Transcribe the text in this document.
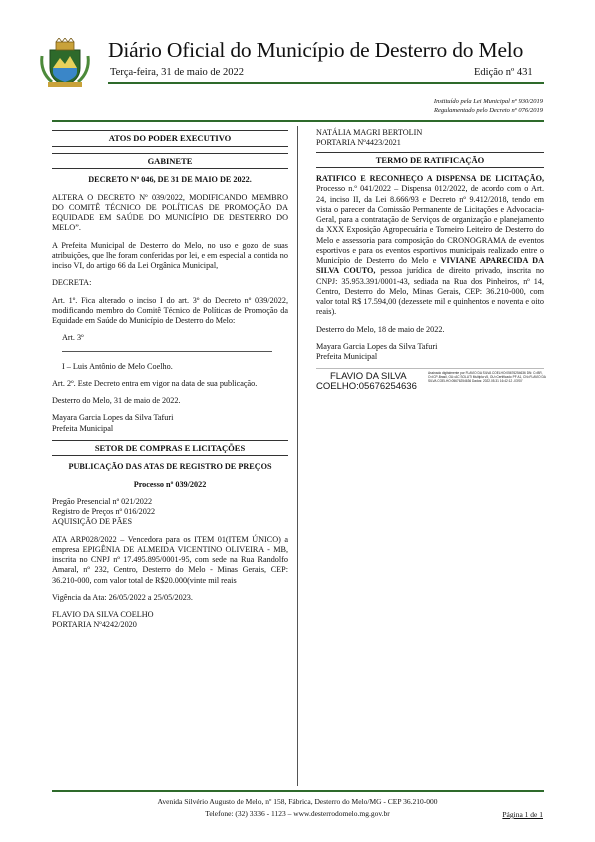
Diário Oficial do Município de Desterro do Melo
Terça-feira, 31 de maio de 2022	Edição nº 431
Instituído pela Lei Municipal nº 930/2019
Regulamentado pelo Decreto nº 076/2019
ATOS DO PODER EXECUTIVO
GABINETE

DECRETO Nº 046, DE 31 DE MAIO DE 2022.

ALTERA O DECRETO Nº 039/2022, MODIFICANDO MEMBRO DO COMITÊ TÉCNICO DE POLÍTICAS DE PROMOÇÃO DA EQUIDADE EM SAÚDE DO MUNICÍPIO DE DESTERRO DO MELO”.

A Prefeita Municipal de Desterro do Melo, no uso e gozo de suas atribuições, que lhe foram conferidas por lei, e em especial a contida no inciso VI, do artigo 66 da Lei Orgânica Municipal,

DECRETA:

Art. 1º. Fica alterado o inciso I do art. 3º do Decreto nº 039/2022, modificando membro do Comitê Técnico de Políticas de Promoção da Equidade em Saúde do Município de Desterro do Melo:

Art. 3º

I – Luis Antônio de Melo Coelho.

Art. 2º. Este Decreto entra em vigor na data de sua publicação.

Desterro do Melo, 31 de maio de 2022.

Mayara Garcia Lopes da Silva Tafuri
Prefeita Municipal
SETOR DE COMPRAS E LICITAÇÕES

PUBLICAÇÃO DAS ATAS DE REGISTRO DE PREÇOS

Processo nº 039/2022

Pregão Presencial nº 021/2022
Registro de Preços nº 016/2022

AQUISIÇÃO DE PÃES

ATA ARP028/2022 – Vencedora para os ITEM 01(ITEM ÚNICO) a empresa EPIGÊNIA DE ALMEIDA VICENTINO OLIVEIRA - MB, inscrita no CNPJ nº 17.495.895/0001-95, com sede na Rua Randolfo Amaral, nº 232, Centro, Desterro do Melo - Minas Gerais, CEP: 36.210-000, com valor total de R$20.000(vinte mil reais

Vigência da Ata: 26/05/2022 a 25/05/2023.

FLAVIO DA SILVA COELHO
PORTARIA Nº4242/2020
NATÁLIA MAGRI BERTOLIN
PORTARIA Nº4423/2021
TERMO DE RATIFICAÇÃO

RATIFICO E RECONHEÇO A DISPENSA DE LICITAÇÃO, Processo n.º 041/2022 – Dispensa 012/2022, de acordo com o Art. 24, inciso II, da Lei 8.666/93 e Decreto nº 9.412/2018, tendo em vista o parecer da Comissão Permanente de Licitações e Advocacia-Geral, para a contratação de Serviços de organização e planejamento da XXX Exposição Agropecuária e Torneiro Leiteiro de Desterro do Melo e assessoria para composição do CRONOGRAMA de eventos esportivos e para os eventos esportivos municipais realizado entre o Município de Desterro do Melo e VIVIANE APARECIDA DA SILVA COUTO, pessoa jurídica de direito privado, inscrita no CNPJ: 35.953.391/0001-43, sediada na Rua dos Pinheiros, nº 14, Centro, Desterro do Melo, Minas Gerais, CEP: 36.210-000, com valor total R$ 17.594,00 (dezessete mil e quinhentos e noventa e oito reais).

Desterro do Melo, 18 de maio de 2022.

Mayara Garcia Lopes da Silva Tafuri
Prefeita Municipal
FLAVIO DA SILVA
COELHO:05676254636
Assinado digitalmente por FLAVIO DA SILVA COELHO:05676254636 DN: C=BR, O=ICP-Brasil, OU=AC SOLUTI Multipla v5, OU=Certificado PF A1, CN=FLAVIO DA SILVA COELHO:05676254636 Dados: 2022.05.31 16:42:12 -03'00'
Avenida Silvério Augusto de Melo, nº 158, Fábrica, Desterro do Melo/MG - CEP 36.210-000
Telefone: (32) 3336 - 1123 – www.desterrodomelo.mg.gov.br	Página 1 de 1
